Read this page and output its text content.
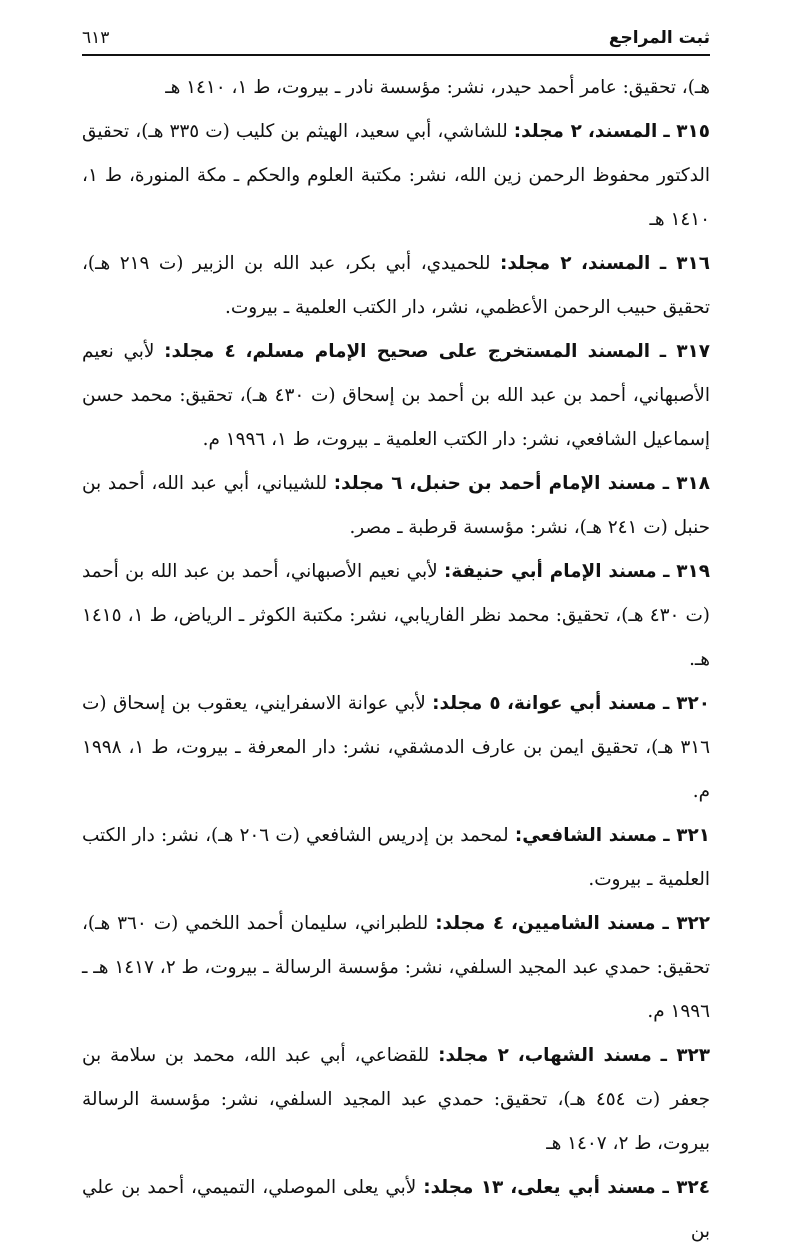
ثبت المراجع
٦١٣

هـ)، تحقيق: عامر أحمد حيدر، نشر: مؤسسة نادر ـ بيروت، ط ١، ١٤١٠ هـ

٣١٥ ـ المسند، ٢ مجلد: للشاشي، أبي سعيد، الهيثم بن كليب (ت ٣٣٥ هـ)، تحقيق الدكتور محفوظ الرحمن زين الله، نشر: مكتبة العلوم والحكم ـ مكة المنورة، ط ١، ١٤١٠ هـ

٣١٦ ـ المسند، ٢ مجلد: للحميدي، أبي بكر، عبد الله بن الزبير (ت ٢١٩ هـ)، تحقيق حبيب الرحمن الأعظمي، نشر، دار الكتب العلمية ـ بيروت.

٣١٧ ـ المسند المستخرج على صحيح الإمام مسلم، ٤ مجلد: لأبي نعيم الأصبهاني، أحمد بن عبد الله بن أحمد بن إسحاق (ت ٤٣٠ هـ)، تحقيق: محمد حسن إسماعيل الشافعي، نشر: دار الكتب العلمية ـ بيروت، ط ١، ١٩٩٦ م.

٣١٨ ـ مسند الإمام أحمد بن حنبل، ٦ مجلد: للشيباني، أبي عبد الله، أحمد بن حنبل (ت ٢٤١ هـ)، نشر: مؤسسة قرطبة ـ مصر.

٣١٩ ـ مسند الإمام أبي حنيفة: لأبي نعيم الأصبهاني، أحمد بن عبد الله بن أحمد (ت ٤٣٠ هـ)، تحقيق: محمد نظر الفاريابي، نشر: مكتبة الكوثر ـ الرياض، ط ١، ١٤١٥ هـ.

٣٢٠ ـ مسند أبي عوانة، ٥ مجلد: لأبي عوانة الاسفرايني، يعقوب بن إسحاق (ت ٣١٦ هـ)، تحقيق ايمن بن عارف الدمشقي، نشر: دار المعرفة ـ بيروت، ط ١، ١٩٩٨ م.

٣٢١ ـ مسند الشافعي: لمحمد بن إدريس الشافعي (ت ٢٠٦ هـ)، نشر: دار الكتب العلمية ـ بيروت.

٣٢٢ ـ مسند الشاميين، ٤ مجلد: للطبراني، سليمان أحمد اللخمي (ت ٣٦٠ هـ)، تحقيق: حمدي عبد المجيد السلفي، نشر: مؤسسة الرسالة ـ بيروت، ط ٢، ١٤١٧ هـ ـ ١٩٩٦ م.

٣٢٣ ـ مسند الشهاب، ٢ مجلد: للقضاعي، أبي عبد الله، محمد بن سلامة بن جعفر (ت ٤٥٤ هـ)، تحقيق: حمدي عبد المجيد السلفي، نشر: مؤسسة الرسالة بيروت، ط ٢، ١٤٠٧ هـ

٣٢٤ ـ مسند أبي يعلى، ١٣ مجلد: لأبي يعلى الموصلي، التميمي، أحمد بن علي بن
